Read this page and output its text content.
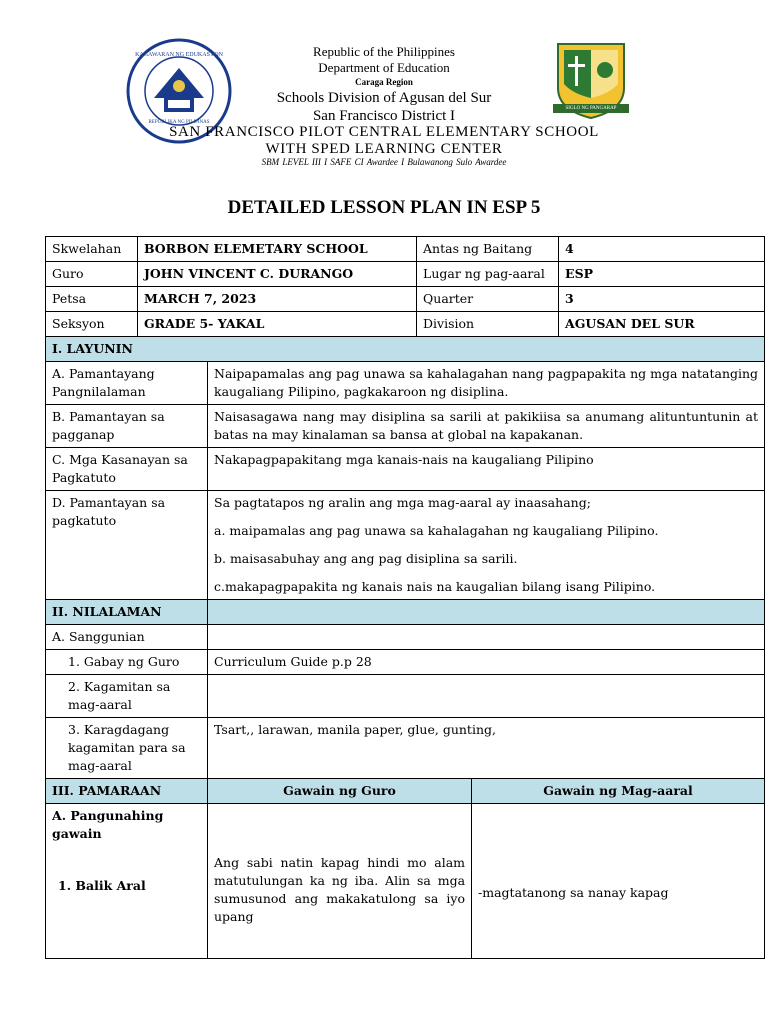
KAGAWARAN NG EDUKASYON
REPUBLIKA NG PILIPINAS
SIGLO NG PANGARAP
Republic of the Philippines
Department of Education
Caraga Region
Schools Division of Agusan del Sur
San Francisco District I
SAN FRANCISCO PILOT CENTRAL ELEMENTARY SCHOOL
WITH SPED LEARNING CENTER
SBM LEVEL III I SAFE CI Awardee I Bulawanong Sulo Awardee
DETAILED LESSON PLAN IN ESP 5
Skwelahan	BORBON ELEMETARY SCHOOL		Antas ng Baitang		4
Guro	JOHN VINCENT C. DURANGO		Lugar ng pag-aaral		ESP
Petsa	MARCH 7, 2023		Quarter		3
Seksyon	GRADE 5- YAKAL		Division		AGUSAN DEL SUR
I. LAYUNIN					
A. Pamantayang Pangnilalaman		Naipapamalas ang pag unawa sa kahalagahan nang pagpapakita ng mga natatanging kaugaliang Pilipino, pagkakaroon ng disiplina.			
B. Pamantayan sa pagganap		Naisasagawa nang may disiplina sa sarili at pakikiisa sa anumang alituntuntunin at batas na may kinalaman sa bansa at global na kapakanan.			
C. Mga Kasanayan sa Pagkatuto		Nakapagpapakitang mga kanais-nais na kaugaliang Pilipino			
D. Pamantayan sa pagkatuto		Sa pagtatapos ng aralin ang mga mag-aaral ay inaasahang;

a. maipamalas ang pag unawa sa kahalagahan ng kaugaliang Pilipino.

b. maisasabuhay ang ang pag disiplina sa sarili.

c.makapagpapakita ng kanais nais na kaugalian bilang isang Pilipino.			

II. NILALAMAN					
A. Sanggunian					
1. Gabay ng Guro		Curriculum Guide p.p 28			
2. Kagamitan sa mag-aaral					
3. Karagdagang kagamitan para sa mag-aaral		Tsart,, larawan, manila paper, glue, gunting,			
III. PAMARAAN		Gawain ng Guro		Gawain ng Mag-aaral	

A. Pangunahing gawain

1. Balik Aral		Ang sabi natin kapag hindi mo alam matutulungan ka ng iba. Alin sa mga sumusunod ang makakatulong sa iyo upang		-magtatanong sa nanay kapag	
